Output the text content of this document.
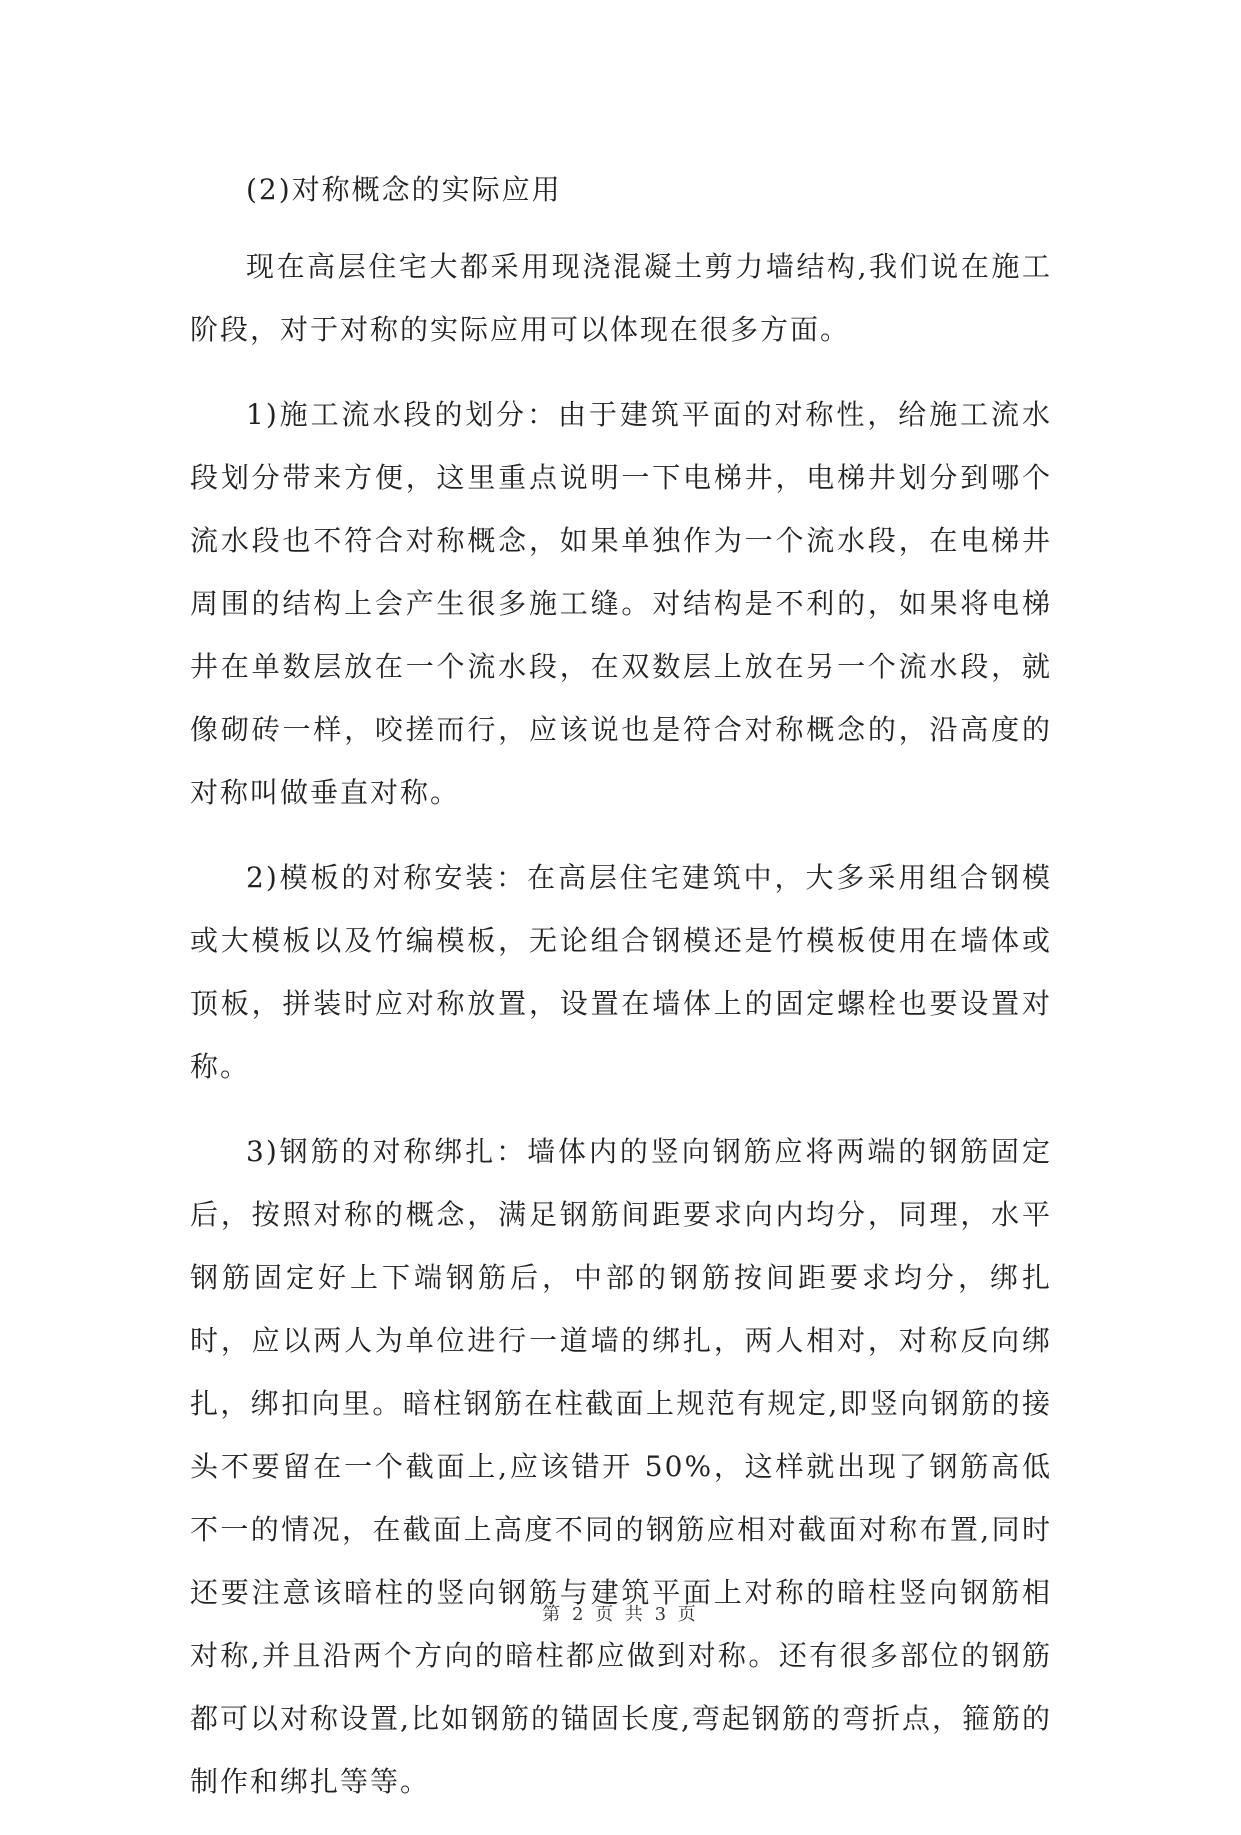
(2)对称概念的实际应用

现在高层住宅大都采用现浇混凝土剪力墙结构,我们说在施工阶段，对于对称的实际应用可以体现在很多方面。

1)施工流水段的划分：由于建筑平面的对称性，给施工流水段划分带来方便，这里重点说明一下电梯井，电梯井划分到哪个流水段也不符合对称概念，如果单独作为一个流水段，在电梯井周围的结构上会产生很多施工缝。对结构是不利的，如果将电梯井在单数层放在一个流水段，在双数层上放在另一个流水段，就像砌砖一样，咬搓而行，应该说也是符合对称概念的，沿高度的对称叫做垂直对称。

2)模板的对称安装：在高层住宅建筑中，大多采用组合钢模或大模板以及竹编模板，无论组合钢模还是竹模板使用在墙体或顶板，拼装时应对称放置，设置在墙体上的固定螺栓也要设置对称。

3)钢筋的对称绑扎：墙体内的竖向钢筋应将两端的钢筋固定后，按照对称的概念，满足钢筋间距要求向内均分，同理，水平钢筋固定好上下端钢筋后，中部的钢筋按间距要求均分，绑扎时，应以两人为单位进行一道墙的绑扎，两人相对，对称反向绑扎，绑扣向里。暗柱钢筋在柱截面上规范有规定,即竖向钢筋的接头不要留在一个截面上,应该错开 50%，这样就出现了钢筋高低不一的情况，在截面上高度不同的钢筋应相对截面对称布置,同时还要注意该暗柱的竖向钢筋与建筑平面上对称的暗柱竖向钢筋相对称,并且沿两个方向的暗柱都应做到对称。还有很多部位的钢筋都可以对称设置,比如钢筋的锚固长度,弯起钢筋的弯折点，箍筋的制作和绑扎等等。

第 2 页 共 3 页
